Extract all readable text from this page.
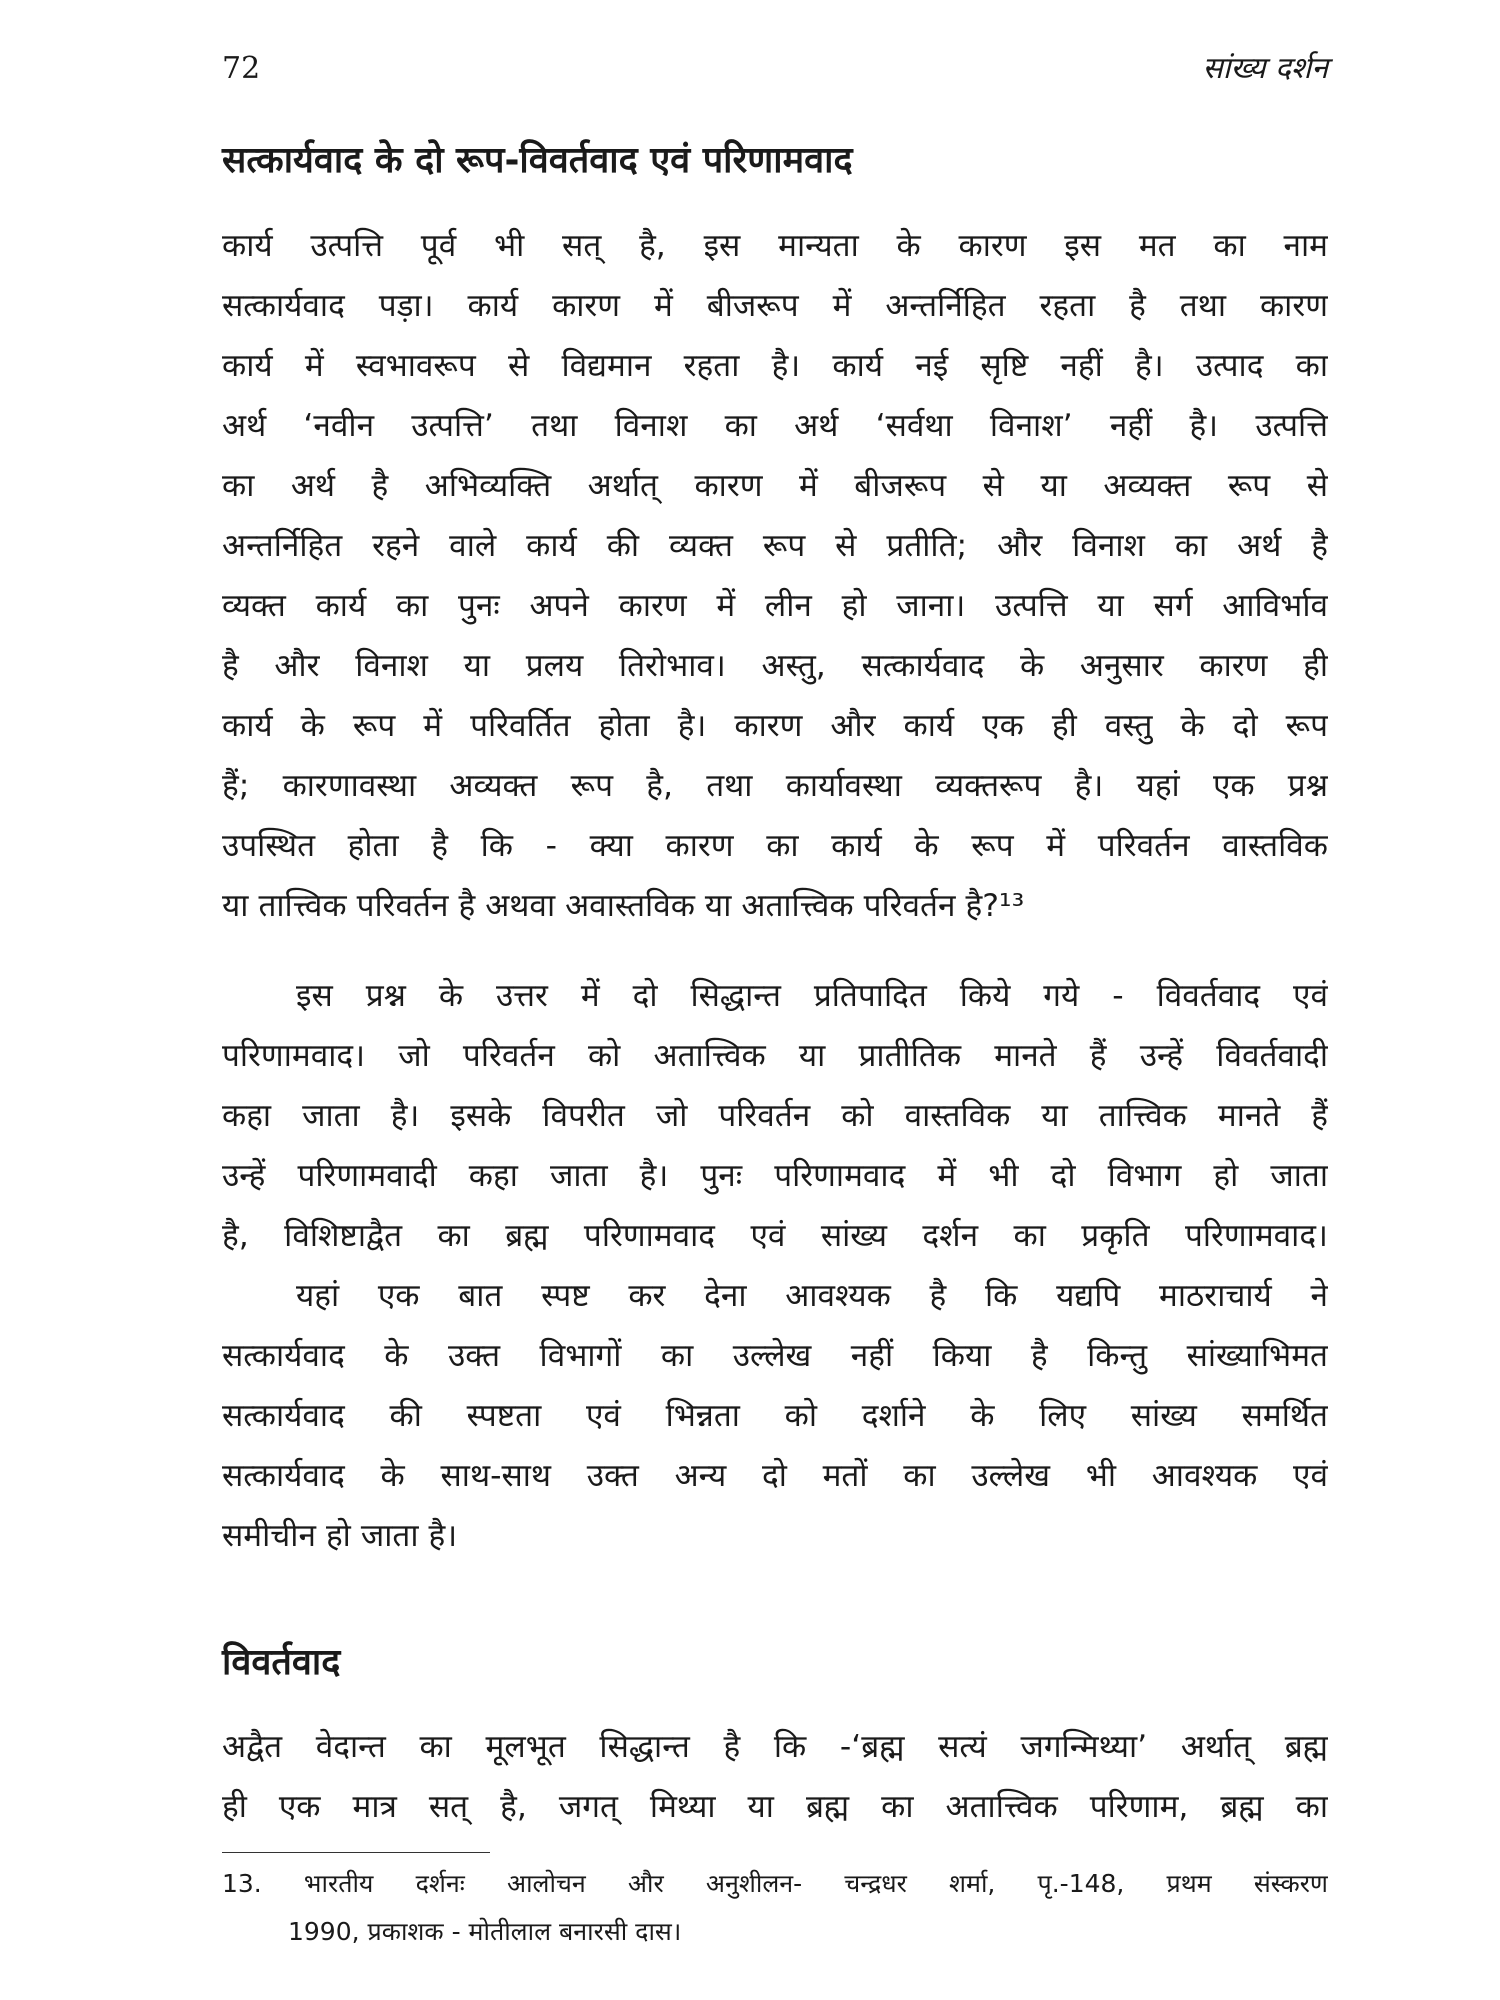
72	सांख्य दर्शन
सत्कार्यवाद के दो रूप-विवर्तवाद एवं परिणामवाद
कार्य उत्पत्ति पूर्व भी सत् है, इस मान्यता के कारण इस मत का नाम
सत्कार्यवाद पड़ा। कार्य कारण में बीजरूप में अन्तर्निहित रहता है तथा कारण
कार्य में स्वभावरूप से विद्यमान रहता है। कार्य नई सृष्टि नहीं है। उत्पाद का
अर्थ ‘नवीन उत्पत्ति’ तथा विनाश का अर्थ ‘सर्वथा विनाश’ नहीं है। उत्पत्ति
का अर्थ है अभिव्यक्ति अर्थात् कारण में बीजरूप से या अव्यक्त रूप से
अन्तर्निहित रहने वाले कार्य की व्यक्त रूप से प्रतीति; और विनाश का अर्थ है
व्यक्त कार्य का पुनः अपने कारण में लीन हो जाना। उत्पत्ति या सर्ग आविर्भाव
है और विनाश या प्रलय तिरोभाव। अस्तु, सत्कार्यवाद के अनुसार कारण ही
कार्य के रूप में परिवर्तित होता है। कारण और कार्य एक ही वस्तु के दो रूप
हैं; कारणावस्था अव्यक्त रूप है, तथा कार्यावस्था व्यक्तरूप है। यहां एक प्रश्न
उपस्थित होता है कि - क्या कारण का कार्य के रूप में परिवर्तन वास्तविक
या तात्त्विक परिवर्तन है अथवा अवास्तविक या अतात्त्विक परिवर्तन है?¹³
इस प्रश्न के उत्तर में दो सिद्धान्त प्रतिपादित किये गये - विवर्तवाद एवं
परिणामवाद। जो परिवर्तन को अतात्त्विक या प्रातीतिक मानते हैं उन्हें विवर्तवादी
कहा जाता है। इसके विपरीत जो परिवर्तन को वास्तविक या तात्त्विक मानते हैं
उन्हें परिणामवादी कहा जाता है। पुनः परिणामवाद में भी दो विभाग हो जाता
है, विशिष्टाद्वैत का ब्रह्म परिणामवाद एवं सांख्य दर्शन का प्रकृति परिणामवाद।
यहां एक बात स्पष्ट कर देना आवश्यक है कि यद्यपि माठराचार्य ने
सत्कार्यवाद के उक्त विभागों का उल्लेख नहीं किया है किन्तु सांख्याभिमत
सत्कार्यवाद की स्पष्टता एवं भिन्नता को दर्शाने के लिए सांख्य समर्थित
सत्कार्यवाद के साथ-साथ उक्त अन्य दो मतों का उल्लेख भी आवश्यक एवं
समीचीन हो जाता है।
विवर्तवाद
अद्वैत वेदान्त का मूलभूत सिद्धान्त है कि -‘ब्रह्म सत्यं जगन्मिथ्या’ अर्थात् ब्रह्म
ही एक मात्र सत् है, जगत् मिथ्या या ब्रह्म का अतात्त्विक परिणाम, ब्रह्म का
13. भारतीय दर्शनः आलोचन और अनुशीलन- चन्द्रधर शर्मा, पृ.-148, प्रथम संस्करण
1990, प्रकाशक - मोतीलाल बनारसी दास।
